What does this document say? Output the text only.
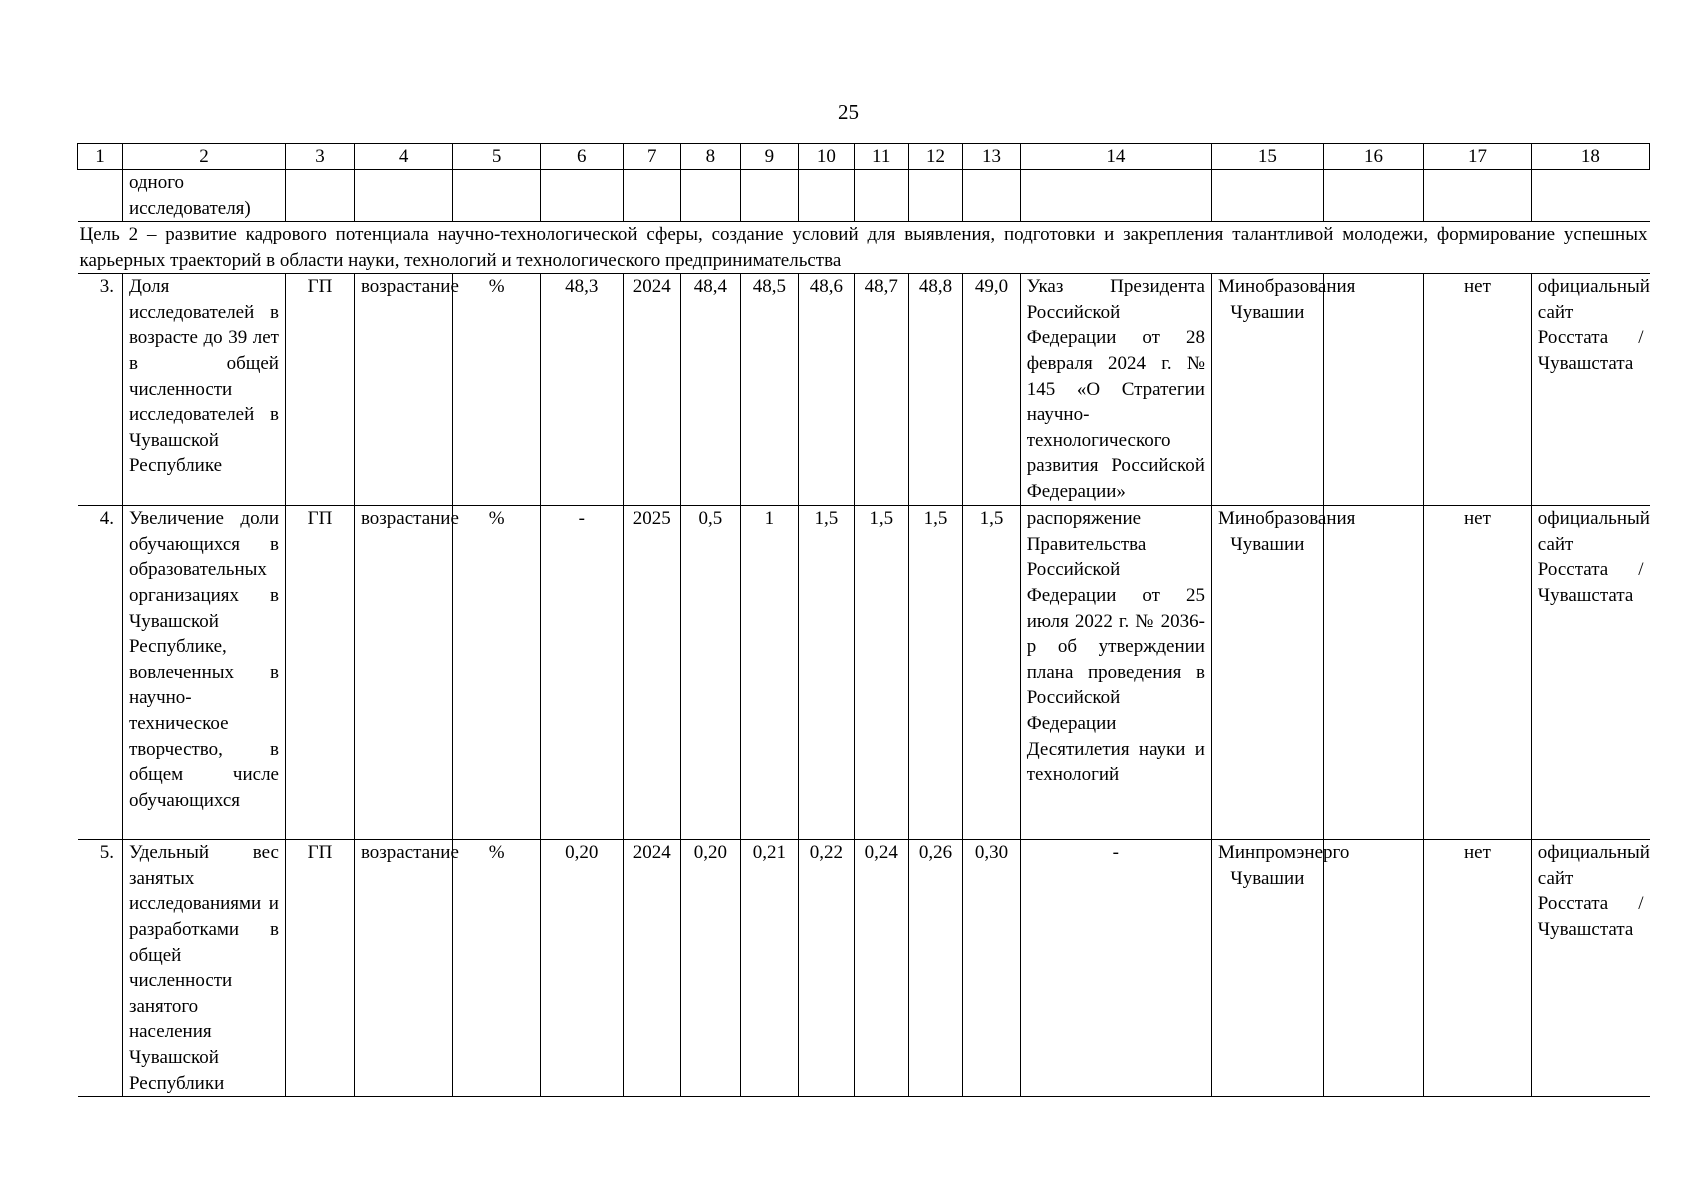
25
1	2	3	4	5	6	7	8	9	10	11	12	13	14	15	16	17	18
	одного исследователя)																
Цель 2 – развитие кадрового потенциала научно-технологической сферы, создание условий для выявления, подготовки и закрепления талантливой молодежи, формирование успешных карьерных траекторий в области науки, технологий и технологического предпринимательства																	
3.	Доля исследователей в возрасте до 39 лет в общей численности исследователей в Чувашской Республике	ГП	возрастание	%	48,3	2024	48,4	48,5	48,6	48,7	48,8	49,0	Указ Президента Российской Федерации от 28 февраля 2024 г. № 145 «О Стратегии научно-технологического развития Российской Федерации»	Минобразования Чувашии		нет	официальный сайт Росстата / Чувашстата
4.	Увеличение доли обучающихся в образовательных организациях в Чувашской Республике, вовлеченных в научно-техническое творчество, в общем числе обучающихся	ГП	возрастание	%	-	2025	0,5	1	1,5	1,5	1,5	1,5	распоряжение Правительства Российской Федерации от 25 июля 2022 г. № 2036-р об утверждении плана проведения в Российской Федерации Десятилетия науки и технологий	Минобразования Чувашии		нет	официальный сайт Росстата / Чувашстата
5.	Удельный вес занятых исследованиями и разработками в общей численности занятого населения Чувашской Республики	ГП	возрастание	%	0,20	2024	0,20	0,21	0,22	0,24	0,26	0,30	-	Минпромэнерго Чувашии		нет	официальный сайт Росстата / Чувашстата
